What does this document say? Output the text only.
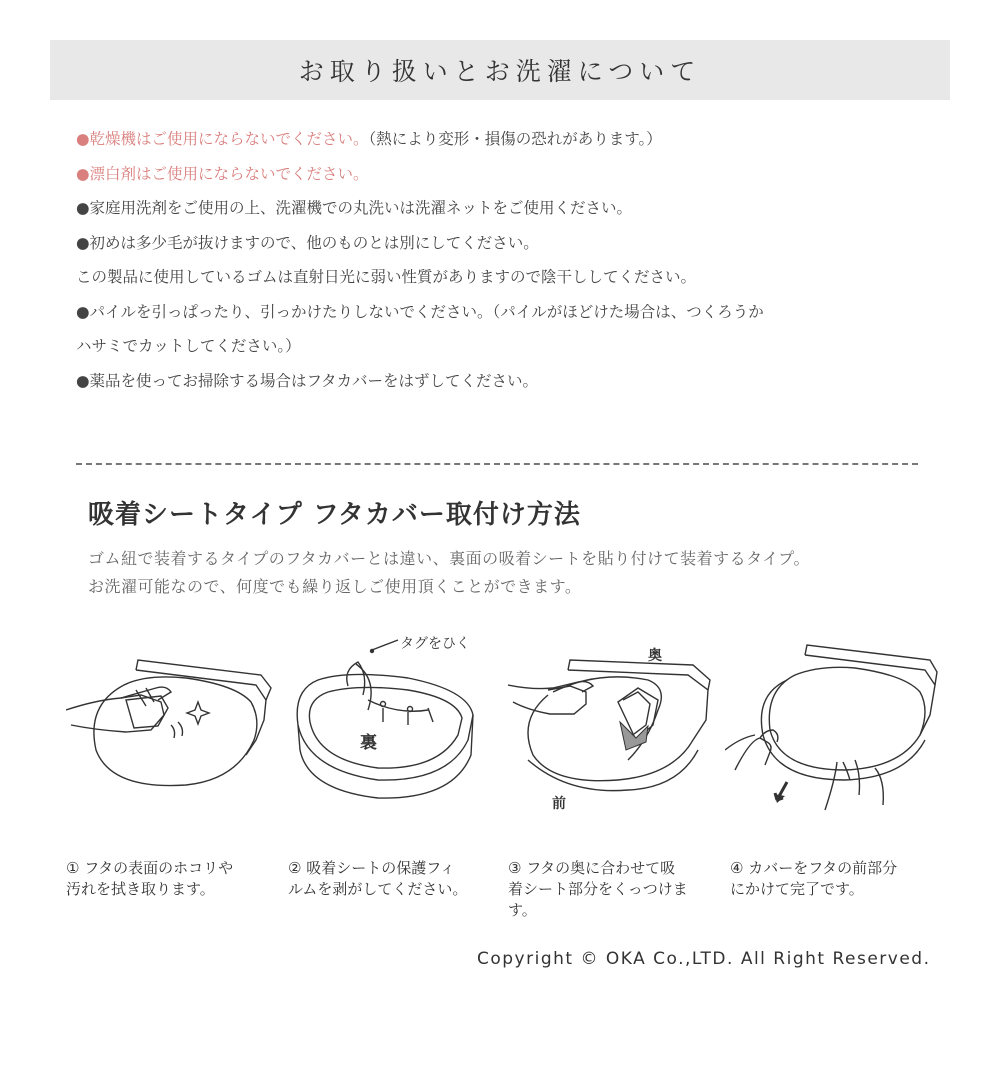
お取り扱いとお洗濯について
●乾燥機はご使用にならないでください。（熱により変形・損傷の恐れがあります。）
●漂白剤はご使用にならないでください。
●家庭用洗剤をご使用の上、洗濯機での丸洗いは洗濯ネットをご使用ください。
●初めは多少毛が抜けますので、他のものとは別にしてください。
この製品に使用しているゴムは直射日光に弱い性質がありますので陰干ししてください。
●パイルを引っぱったり、引っかけたりしないでください。（パイルがほどけた場合は、つくろうか
ハサミでカットしてください。）
●薬品を使ってお掃除する場合はフタカバーをはずしてください。
吸着シートタイプ フタカバー取付け方法
ゴム紐で装着するタイプのフタカバーとは違い、裏面の吸着シートを貼り付けて装着するタイプ。
お洗濯可能なので、何度でも繰り返しご使用頂くことができます。
タグをひく
裏
奥
前
① フタの表面のホコリや
汚れを拭き取ります。
② 吸着シートの保護フィ
ルムを剥がしてください。
③ フタの奥に合わせて吸
着シート部分をくっつけま
す。
④ カバーをフタの前部分
にかけて完了です。
Copyright © OKA Co.,LTD. All Right Reserved.
